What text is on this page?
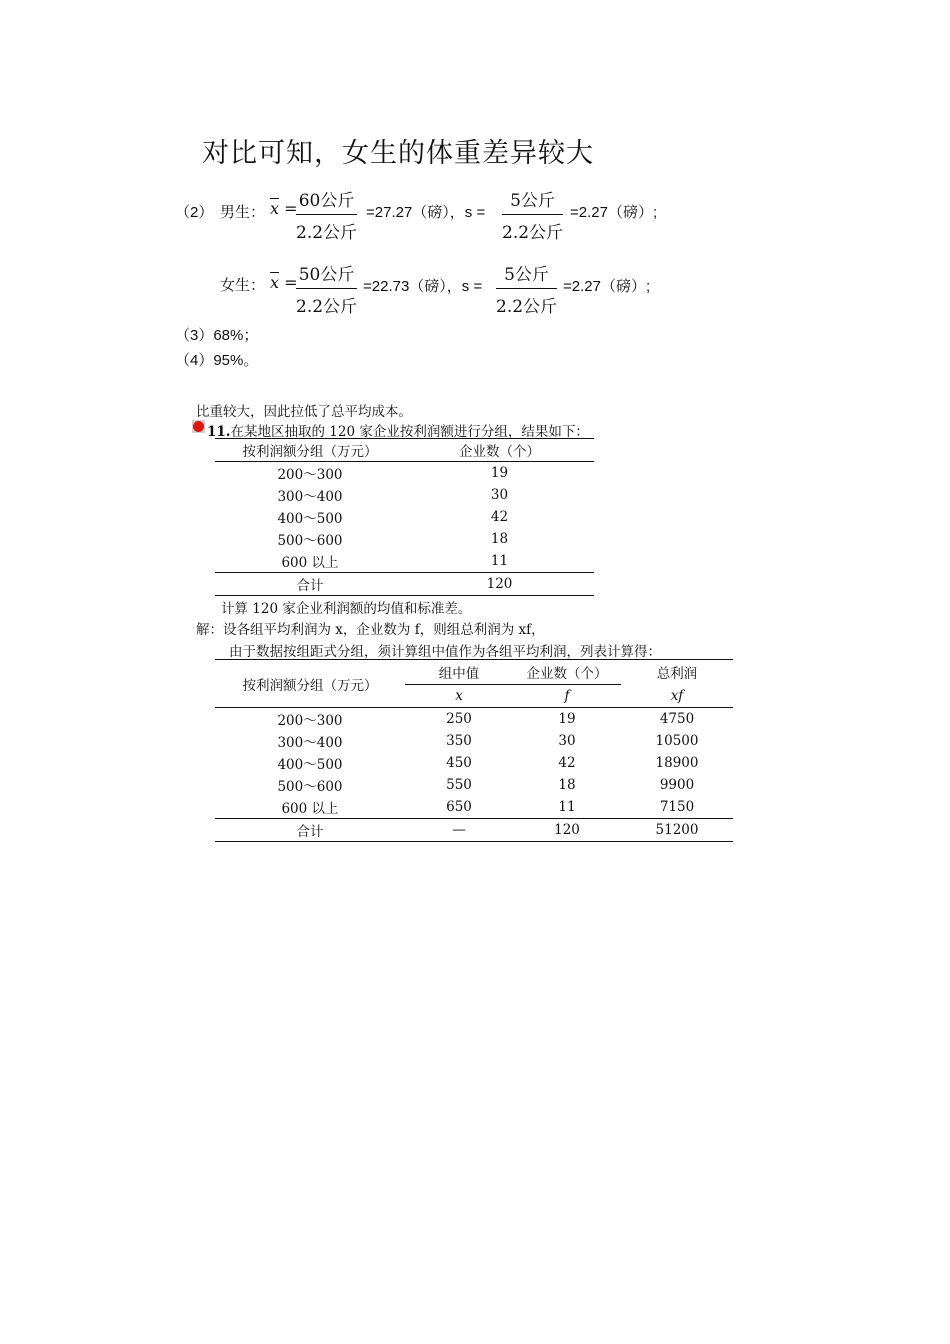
对比可知，女生的体重差异较大
（2） 男生： $\overline{x} = 60$公斤
2.2公斤
=27.27（磅），s =
5公斤
2.2公斤
=2.27（磅）;
女生： $\overline{x} = 50$公斤
2.2公斤
=22.73（磅），s =
5公斤
2.2公斤
=2.27（磅）;
（3）68%；
（4）95%。
比重较大，因此拉低了总平均成本。
11.在某地区抽取的 120 家企业按利润额进行分组，结果如下：
按利润额分组（万元）	企业数（个）
200～300	19
300～400	30
400～500	42
500～600	18
600 以上	11
合计	120
计算 120 家企业利润额的均值和标准差。
解：设各组平均利润为 x，企业数为 f，则组总利润为 xf，
由于数据按组距式分组，须计算组中值作为各组平均利润，列表计算得：
按利润额分组（万元）	组中值	企业数（个）	总利润
	x	f	xf
200～300	250	19	4750
300～400	350	30	10500
400～500	450	42	18900
500～600	550	18	9900
600 以上	650	11	7150
合计	—	120	51200
